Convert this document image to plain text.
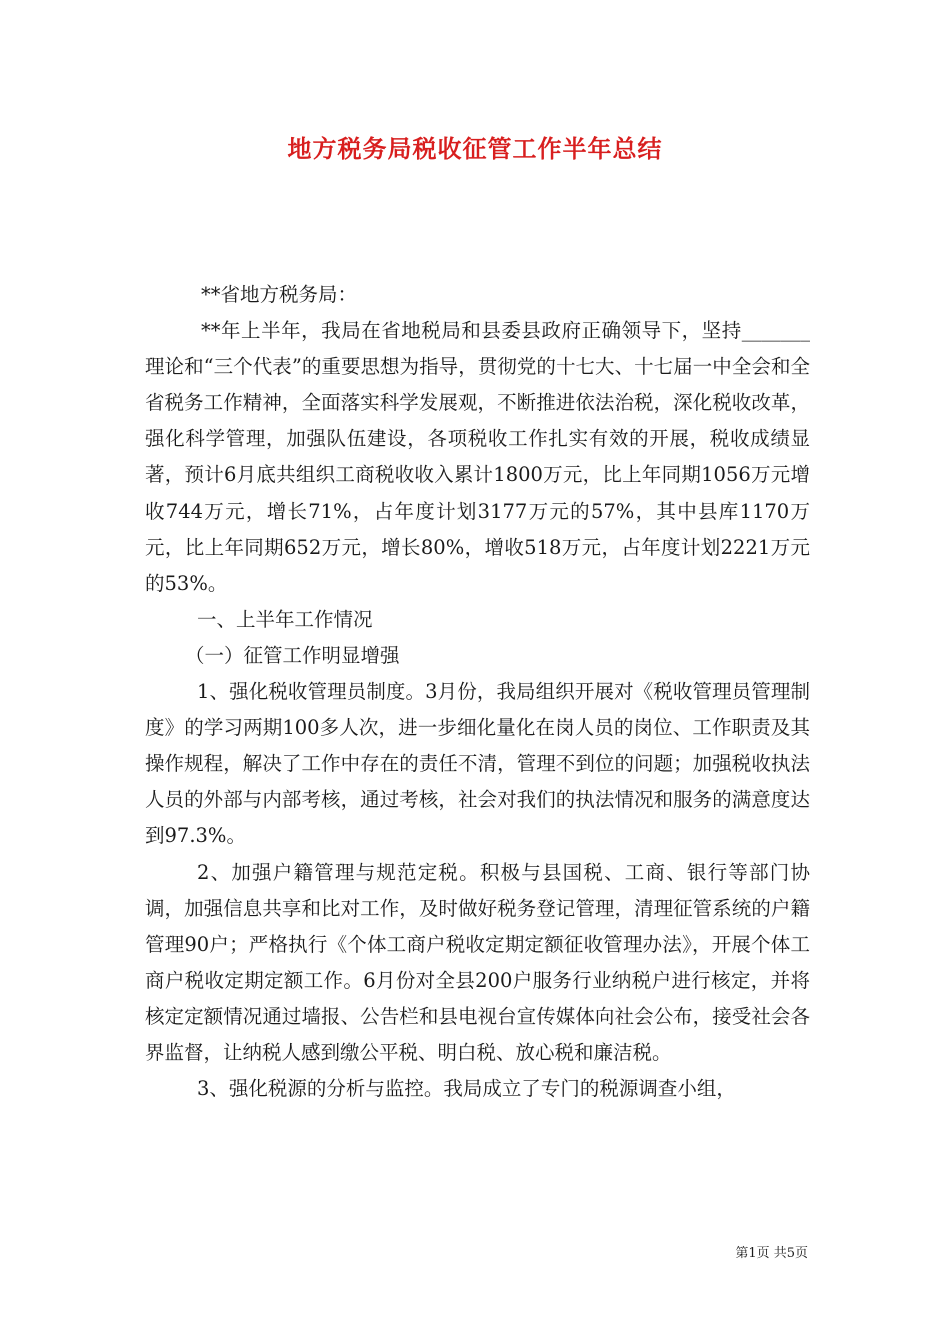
地方税务局税收征管工作半年总结

**省地方税务局：

**年上半年，我局在省地税局和县委县政府正确领导下，坚持_______理论和“三个代表”的重要思想为指导，贯彻党的十七大、十七届一中全会和全省税务工作精神，全面落实科学发展观，不断推进依法治税，深化税收改革，强化科学管理，加强队伍建设，各项税收工作扎实有效的开展，税收成绩显著，预计6月底共组织工商税收收入累计1800万元，比上年同期1056万元增收744万元，增长71%，占年度计划3177万元的57%，其中县库1170万元，比上年同期652万元，增长80%，增收518万元，占年度计划2221万元的53%。

一、上半年工作情况

（一）征管工作明显增强

1、强化税收管理员制度。3月份，我局组织开展对《税收管理员管理制度》的学习两期100多人次，进一步细化量化在岗人员的岗位、工作职责及其操作规程，解决了工作中存在的责任不清，管理不到位的问题；加强税收执法人员的外部与内部考核，通过考核，社会对我们的执法情况和服务的满意度达到97.3%。

2、加强户籍管理与规范定税。积极与县国税、工商、银行等部门协调，加强信息共享和比对工作，及时做好税务登记管理，清理征管系统的户籍管理90户；严格执行《个体工商户税收定期定额征收管理办法》，开展个体工商户税收定期定额工作。6月份对全县200户服务行业纳税户进行核定，并将核定定额情况通过墙报、公告栏和县电视台宣传媒体向社会公布，接受社会各界监督，让纳税人感到缴公平税、明白税、放心税和廉洁税。

3、强化税源的分析与监控。我局成立了专门的税源调查小组，

第1页 共5页
